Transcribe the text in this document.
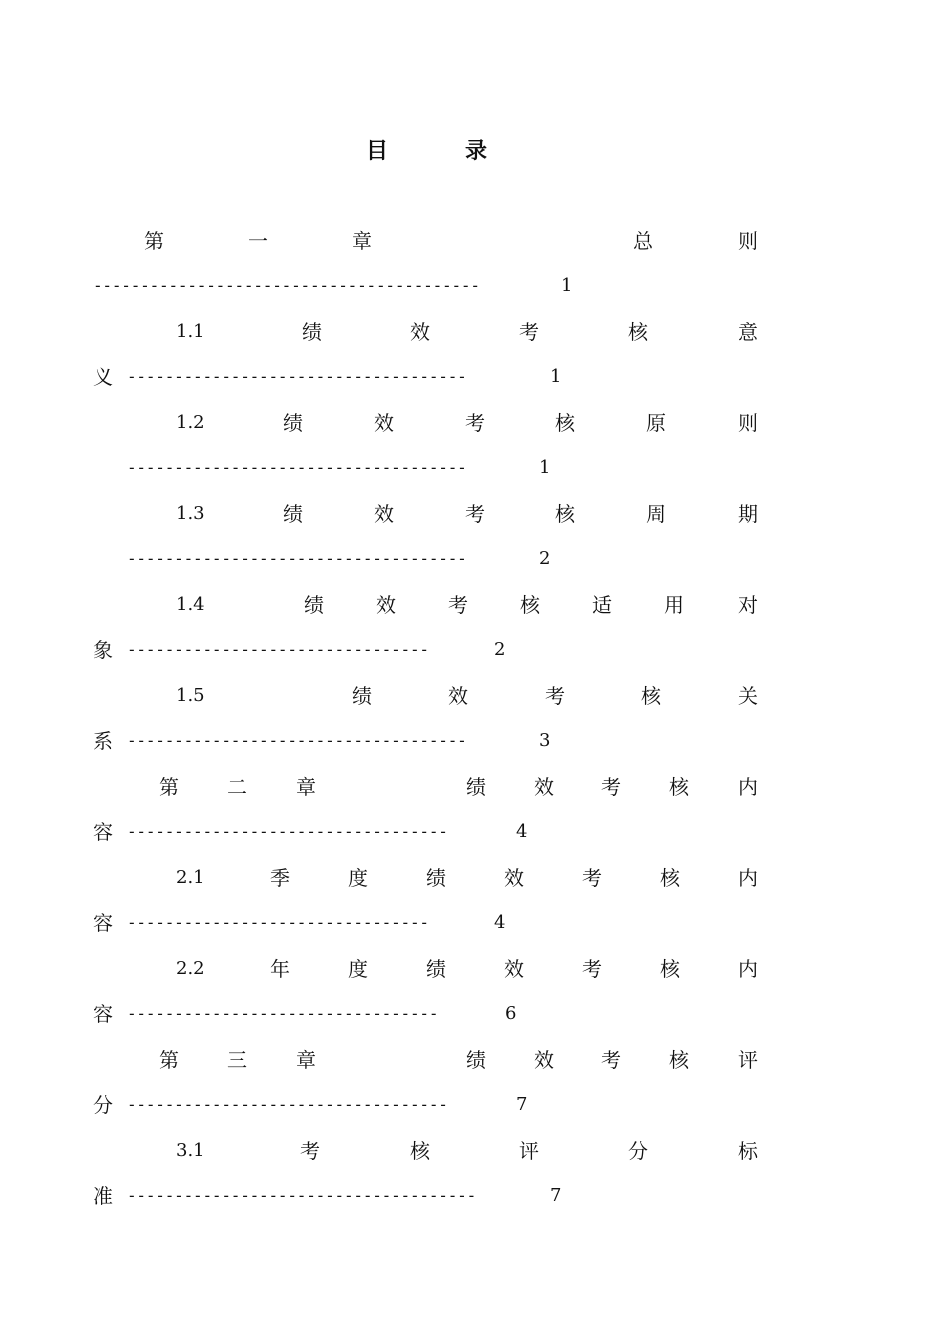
目	录
第	一	章	总	则
-----------------------------------------	1
1.1	绩	效	考	核	意
义 ------------------------------------	1
1.2	绩	效	考	核	原	则
------------------------------------	1
1.3	绩	效	考	核	周	期
------------------------------------	2
1.4	绩	效	考	核	适	用	对
象 --------------------------------	2
1.5	绩	效	考	核	关
系 ------------------------------------	3
第 二 章	绩 效 考 核 内
容 ----------------------------------	4
2.1	季	度	绩	效	考	核	内
容 --------------------------------	4
2.2	年	度	绩	效	考	核	内
容 ---------------------------------	6
第 三 章	绩 效 考 核 评
分 ----------------------------------	7
3.1	考	核	评	分	标
准 -------------------------------------	7
